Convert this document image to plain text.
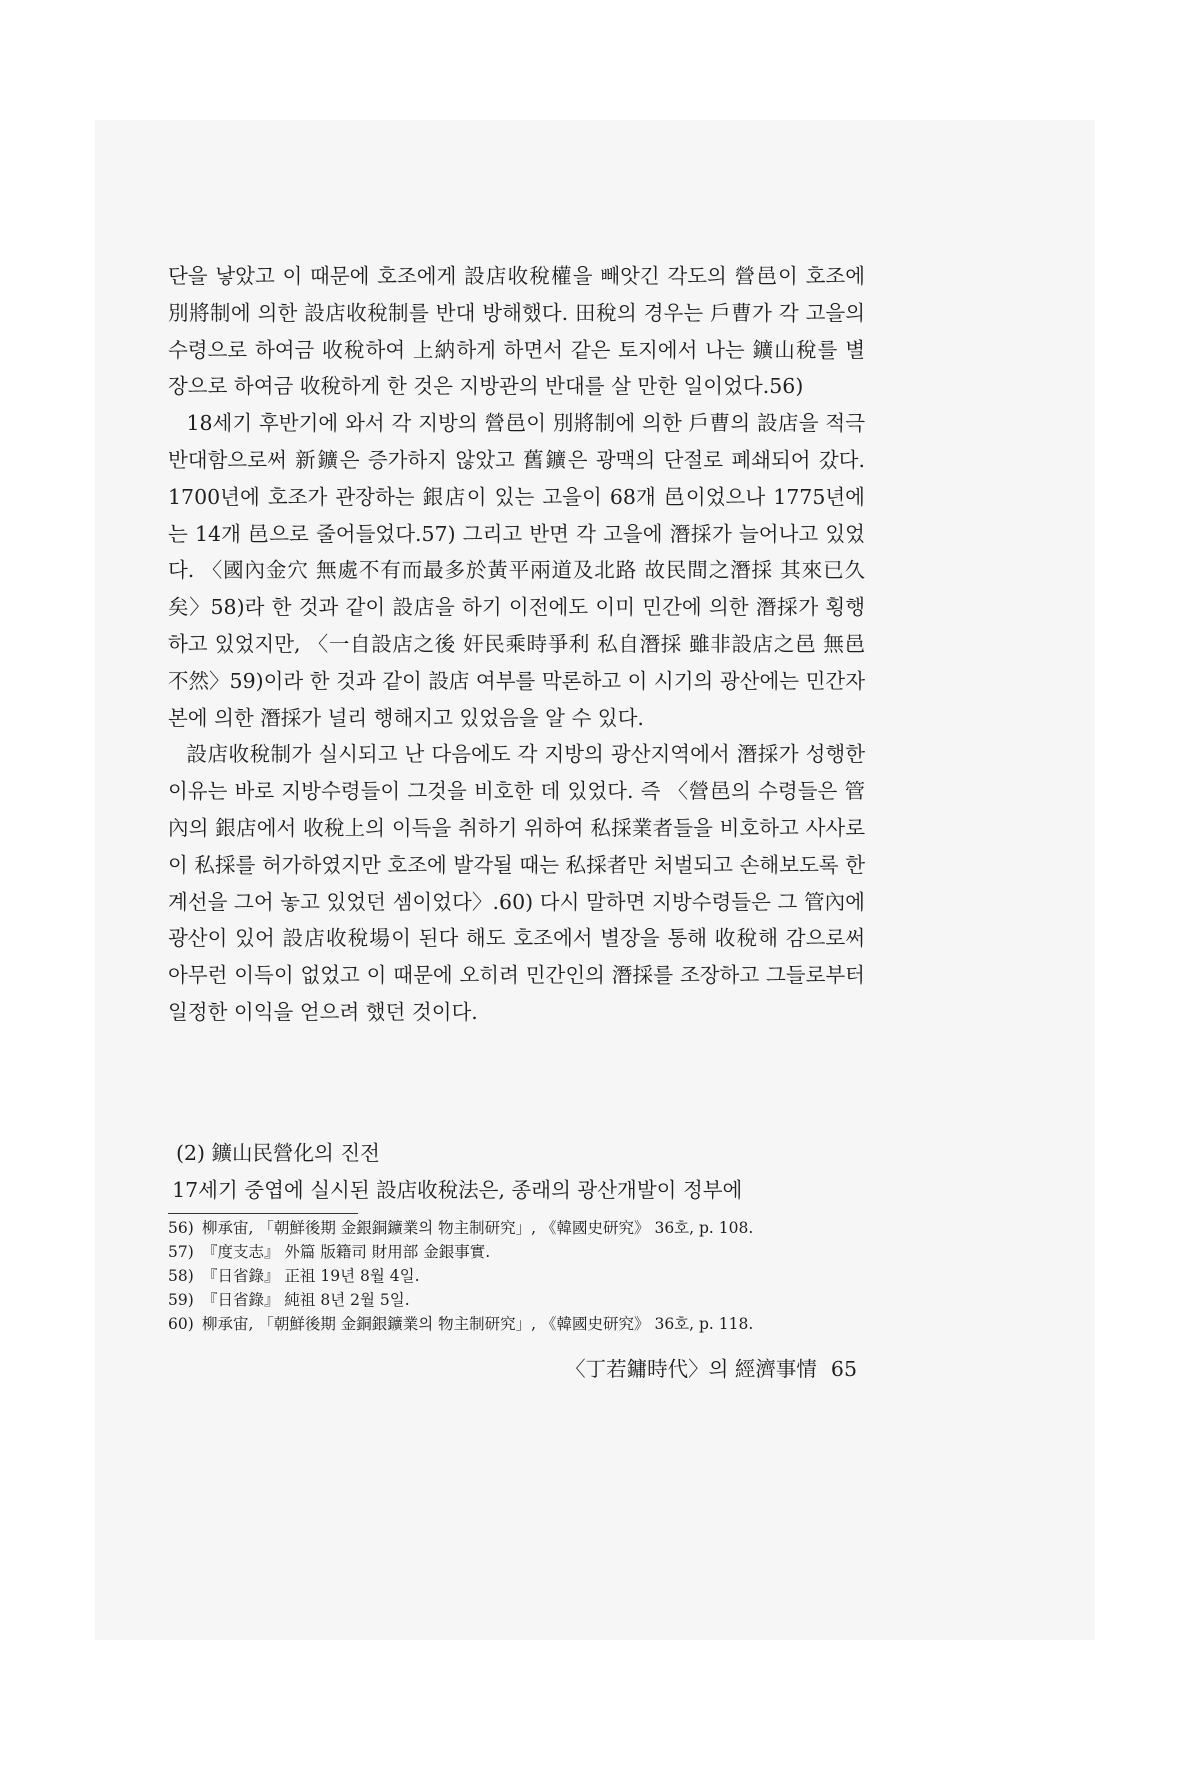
단을 낳았고 이 때문에 호조에게 設店收稅權을 빼앗긴 각도의 營邑이 호조에 別將制에 의한 設店收稅制를 반대 방해했다. 田稅의 경우는 戶曹가 각 고을의 수령으로 하여금 收稅하여 上納하게 하면서 같은 토지에서 나는 鑛山稅를 별장으로 하여금 收稅하게 한 것은 지방관의 반대를 살 만한 일이었다.56)

18세기 후반기에 와서 각 지방의 營邑이 別將制에 의한 戶曹의 設店을 적극 반대함으로써 新鑛은 증가하지 않았고 舊鑛은 광맥의 단절로 폐쇄되어 갔다. 1700년에 호조가 관장하는 銀店이 있는 고을이 68개 邑이었으나 1775년에는 14개 邑으로 줄어들었다.57) 그리고 반면 각 고을에 潛採가 늘어나고 있었다. 〈國內金穴 無處不有而最多於黃平兩道及北路 故民間之潛採 其來已久矣〉58)라 한 것과 같이 設店을 하기 이전에도 이미 민간에 의한 潛採가 횡행하고 있었지만, 〈一自設店之後 奸民乘時爭利 私自潛採 雖非設店之邑 無邑不然〉59)이라 한 것과 같이 設店 여부를 막론하고 이 시기의 광산에는 민간자본에 의한 潛採가 널리 행해지고 있었음을 알 수 있다.

設店收稅制가 실시되고 난 다음에도 각 지방의 광산지역에서 潛採가 성행한 이유는 바로 지방수령들이 그것을 비호한 데 있었다. 즉 〈營邑의 수령들은 管內의 銀店에서 收稅上의 이득을 취하기 위하여 私採業者들을 비호하고 사사로이 私採를 허가하였지만 호조에 발각될 때는 私採者만 처벌되고 손해보도록 한계선을 그어 놓고 있었던 셈이었다〉.60) 다시 말하면 지방수령들은 그 管內에 광산이 있어 設店收稅場이 된다 해도 호조에서 별장을 통해 收稅해 감으로써 아무런 이득이 없었고 이 때문에 오히려 민간인의 潛採를 조장하고 그들로부터 일정한 이익을 얻으려 했던 것이다.

(2) 鑛山民營化의 진전

17세기 중엽에 실시된 設店收稅法은, 종래의 광산개발이 정부에

56) 柳承宙, 「朝鮮後期 金銀銅鑛業의 物主制研究」, 《韓國史研究》 36호, p. 108.
57) 『度支志』 外篇 版籍司 財用部 金銀事實.
58) 『日省錄』 正祖 19년 8월 4일.
59) 『日省錄』 純祖 8년 2월 5일.
60) 柳承宙, 「朝鮮後期 金銅銀鑛業의 物主制研究」, 《韓國史研究》 36호, p. 118.
〈丁若鏞時代〉의 經濟事情 65
